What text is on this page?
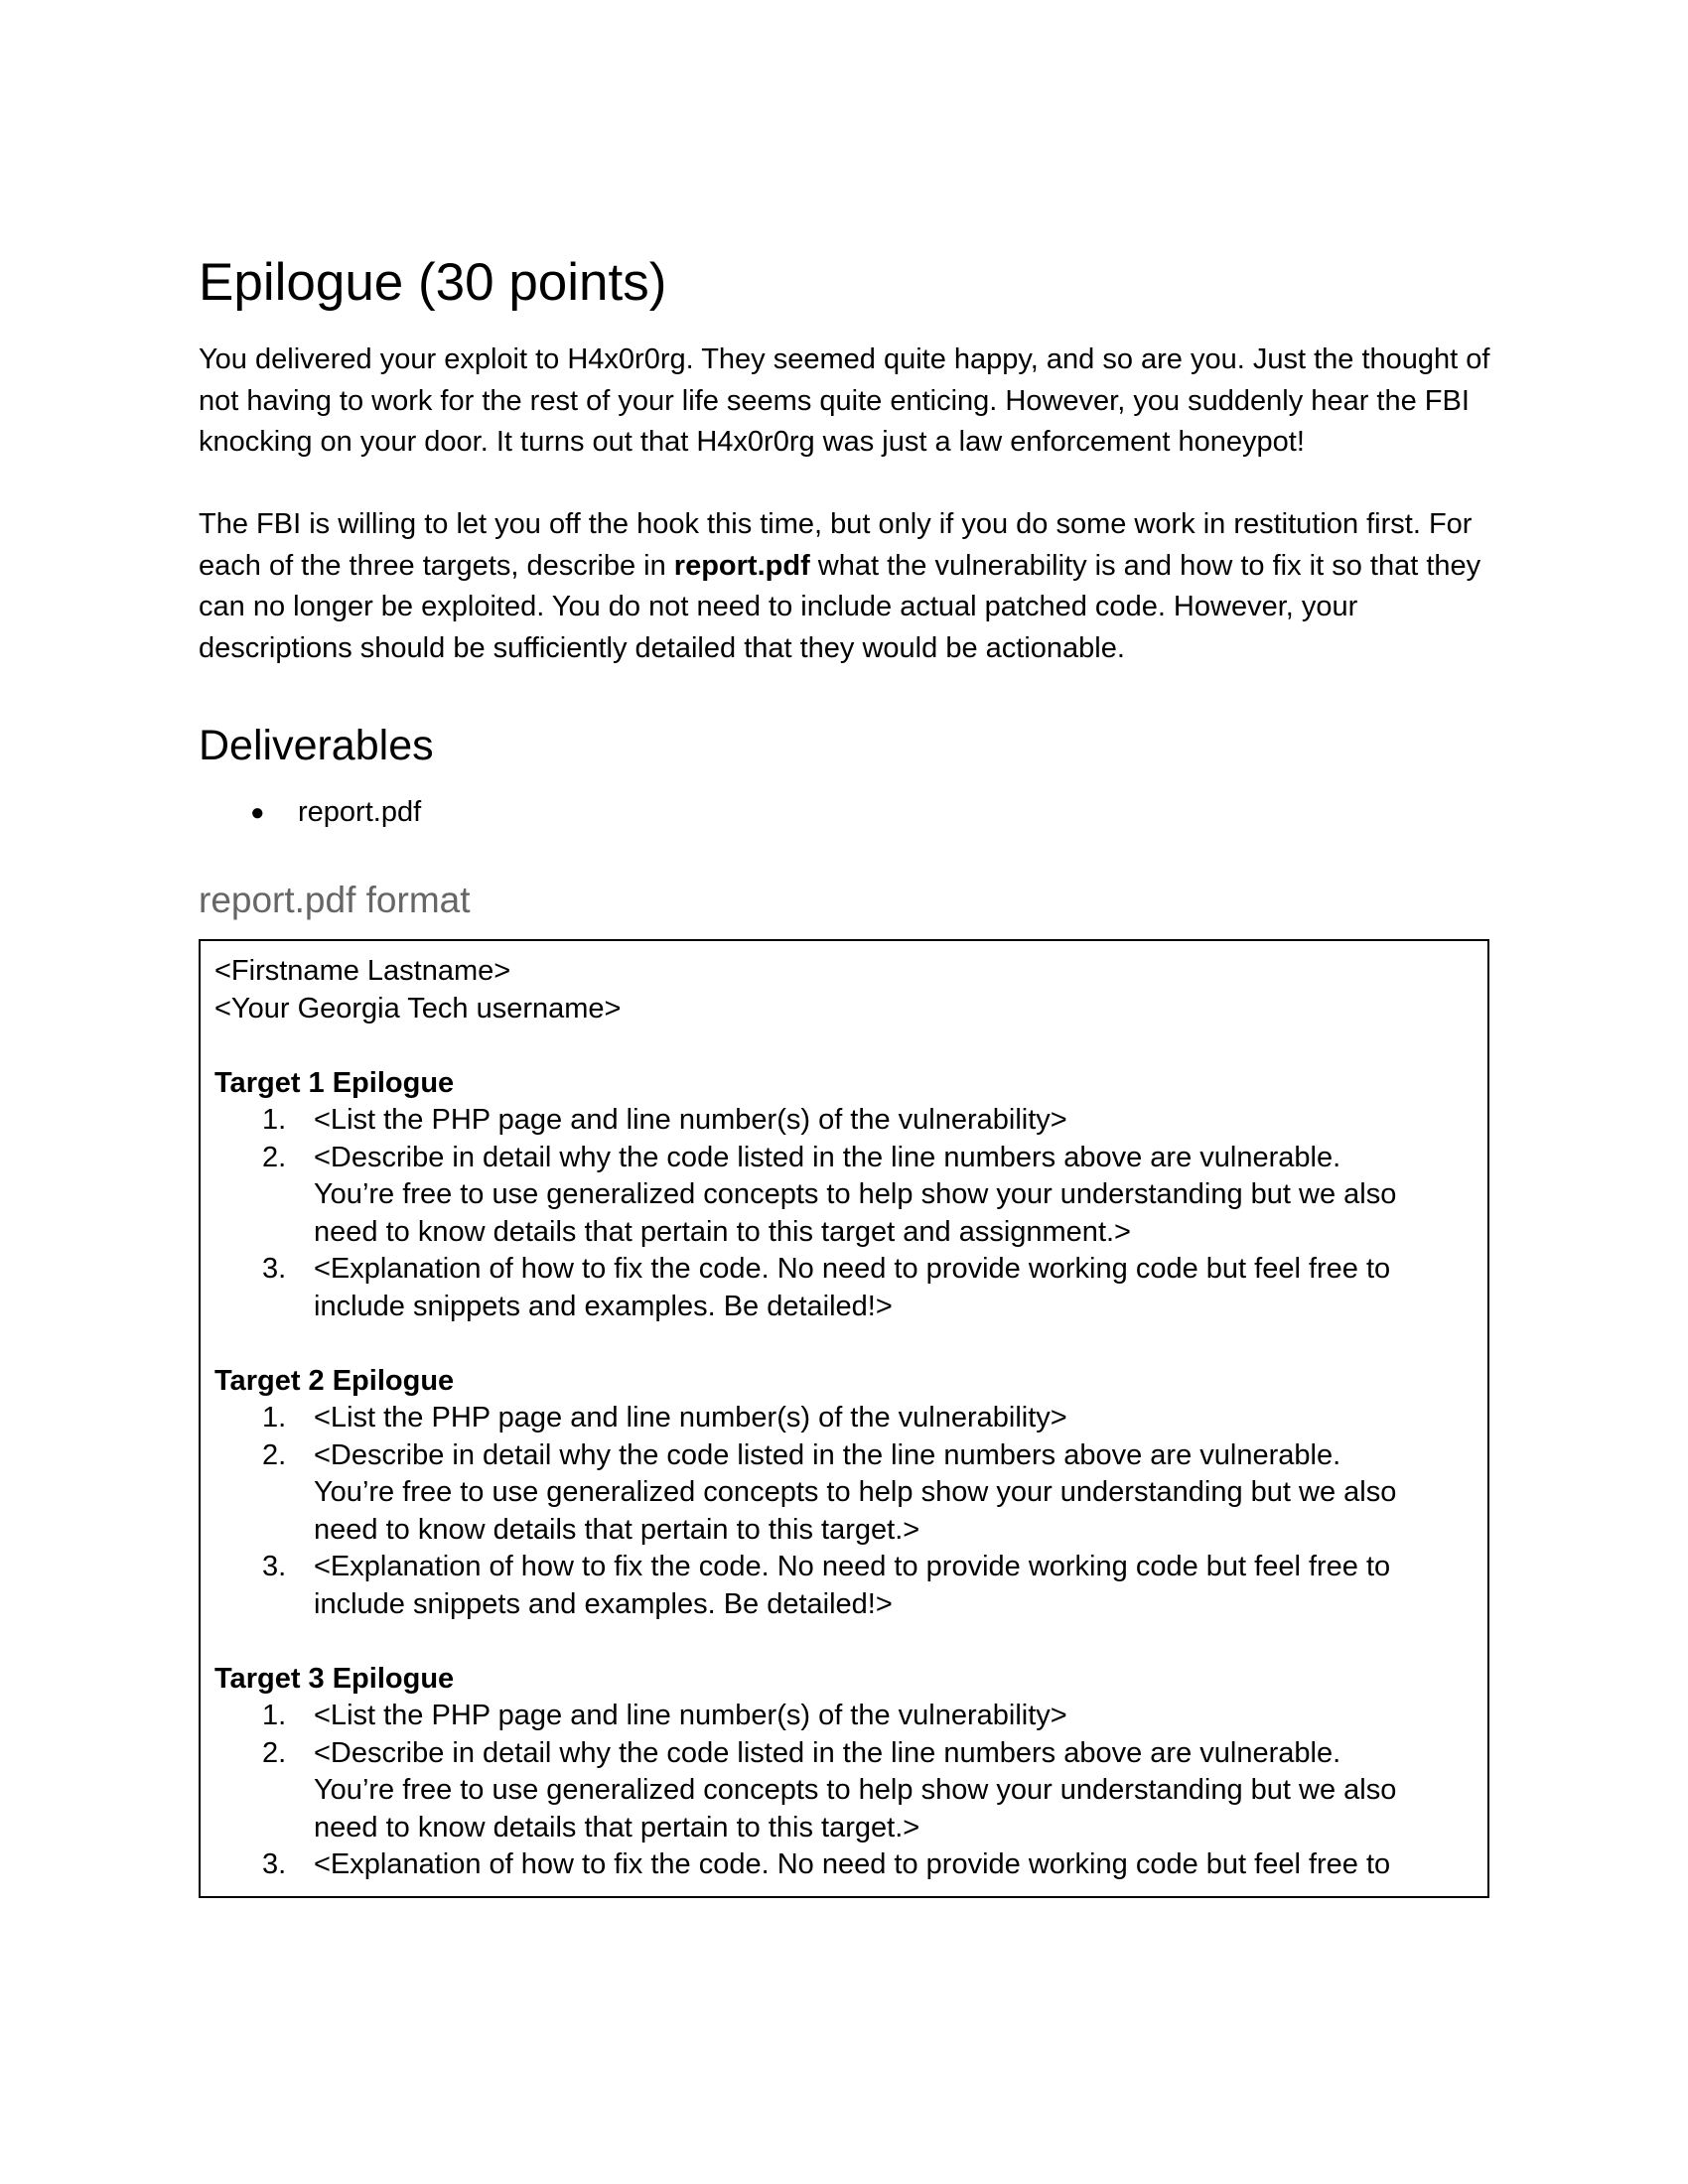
Epilogue (30 points)

You delivered your exploit to H4x0r0rg. They seemed quite happy, and so are you. Just the thought of not having to work for the rest of your life seems quite enticing. However, you suddenly hear the FBI knocking on your door. It turns out that H4x0r0rg was just a law enforcement honeypot!

The FBI is willing to let you off the hook this time, but only if you do some work in restitution first. For each of the three targets, describe in report.pdf what the vulnerability is and how to fix it so that they can no longer be exploited. You do not need to include actual patched code. However, your descriptions should be sufficiently detailed that they would be actionable.

Deliverables
● report.pdf
report.pdf format
<Firstname Lastname>
<Your Georgia Tech username>
Target 1 Epilogue
1. <List the PHP page and line number(s) of the vulnerability>
2. <Describe in detail why the code listed in the line numbers above are vulnerable.
You’re free to use generalized concepts to help show your understanding but we also
need to know details that pertain to this target and assignment.>
3. <Explanation of how to fix the code. No need to provide working code but feel free to
include snippets and examples. Be detailed!>
Target 2 Epilogue
1. <List the PHP page and line number(s) of the vulnerability>
2. <Describe in detail why the code listed in the line numbers above are vulnerable.
You’re free to use generalized concepts to help show your understanding but we also
need to know details that pertain to this target.>
3. <Explanation of how to fix the code. No need to provide working code but feel free to
include snippets and examples. Be detailed!>
Target 3 Epilogue
1. <List the PHP page and line number(s) of the vulnerability>
2. <Describe in detail why the code listed in the line numbers above are vulnerable.
You’re free to use generalized concepts to help show your understanding but we also
need to know details that pertain to this target.>
3. <Explanation of how to fix the code. No need to provide working code but feel free to
